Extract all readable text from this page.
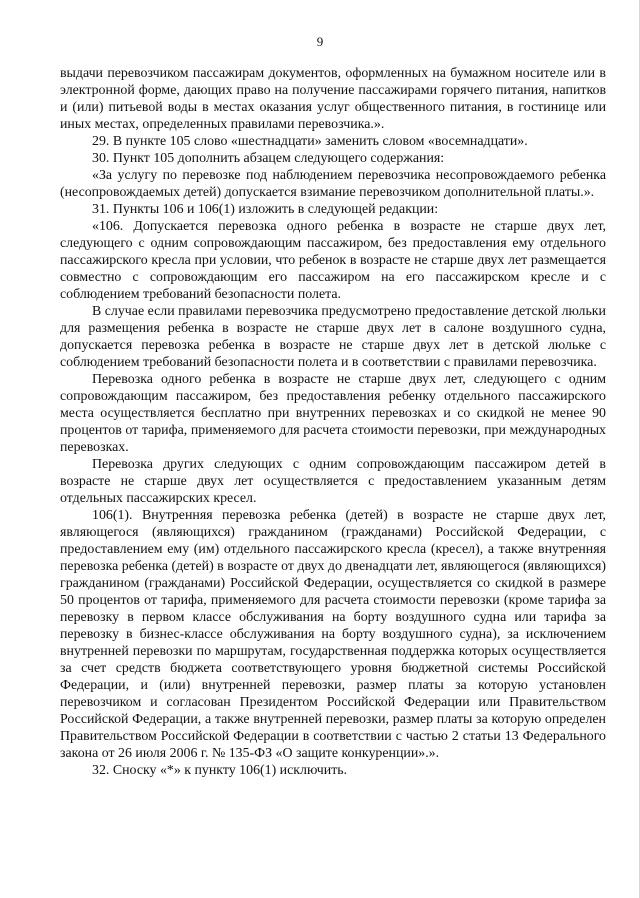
9

выдачи перевозчиком пассажирам документов, оформленных на бумажном носителе или в электронной форме, дающих право на получение пассажирами горячего питания, напитков и (или) питьевой воды в местах оказания услуг общественного питания, в гостинице или иных местах, определенных правилами перевозчика.».

29. В пункте 105 слово «шестнадцати» заменить словом «восемнадцати».

30. Пункт 105 дополнить абзацем следующего содержания:

«За услугу по перевозке под наблюдением перевозчика несопровождаемого ребенка (несопровождаемых детей) допускается взимание перевозчиком дополнительной платы.».

31. Пункты 106 и 106(1) изложить в следующей редакции:

«106. Допускается перевозка одного ребенка в возрасте не старше двух лет, следующего с одним сопровождающим пассажиром, без предоставления ему отдельного пассажирского кресла при условии, что ребенок в возрасте не старше двух лет размещается совместно с сопровождающим его пассажиром на его пассажирском кресле и с соблюдением требований безопасности полета.

В случае если правилами перевозчика предусмотрено предоставление детской люльки для размещения ребенка в возрасте не старше двух лет в салоне воздушного судна, допускается перевозка ребенка в возрасте не старше двух лет в детской люльке с соблюдением требований безопасности полета и в соответствии с правилами перевозчика.

Перевозка одного ребенка в возрасте не старше двух лет, следующего с одним сопровождающим пассажиром, без предоставления ребенку отдельного пассажирского места осуществляется бесплатно при внутренних перевозках и со скидкой не менее 90 процентов от тарифа, применяемого для расчета стоимости перевозки, при международных перевозках.

Перевозка других следующих с одним сопровождающим пассажиром детей в возрасте не старше двух лет осуществляется с предоставлением указанным детям отдельных пассажирских кресел.

106(1). Внутренняя перевозка ребенка (детей) в возрасте не старше двух лет, являющегося (являющихся) гражданином (гражданами) Российской Федерации, с предоставлением ему (им) отдельного пассажирского кресла (кресел), а также внутренняя перевозка ребенка (детей) в возрасте от двух до двенадцати лет, являющегося (являющихся) гражданином (гражданами) Российской Федерации, осуществляется со скидкой в размере 50 процентов от тарифа, применяемого для расчета стоимости перевозки (кроме тарифа за перевозку в первом классе обслуживания на борту воздушного судна или тарифа за перевозку в бизнес-классе обслуживания на борту воздушного судна), за исключением внутренней перевозки по маршрутам, государственная поддержка которых осуществляется за счет средств бюджета соответствующего уровня бюджетной системы Российской Федерации, и (или) внутренней перевозки, размер платы за которую установлен перевозчиком и согласован Президентом Российской Федерации или Правительством Российской Федерации, а также внутренней перевозки, размер платы за которую определен Правительством Российской Федерации в соответствии с частью 2 статьи 13 Федерального закона от 26 июля 2006 г. № 135-ФЗ «О защите конкуренции».».

32. Сноску «*» к пункту 106(1) исключить.
